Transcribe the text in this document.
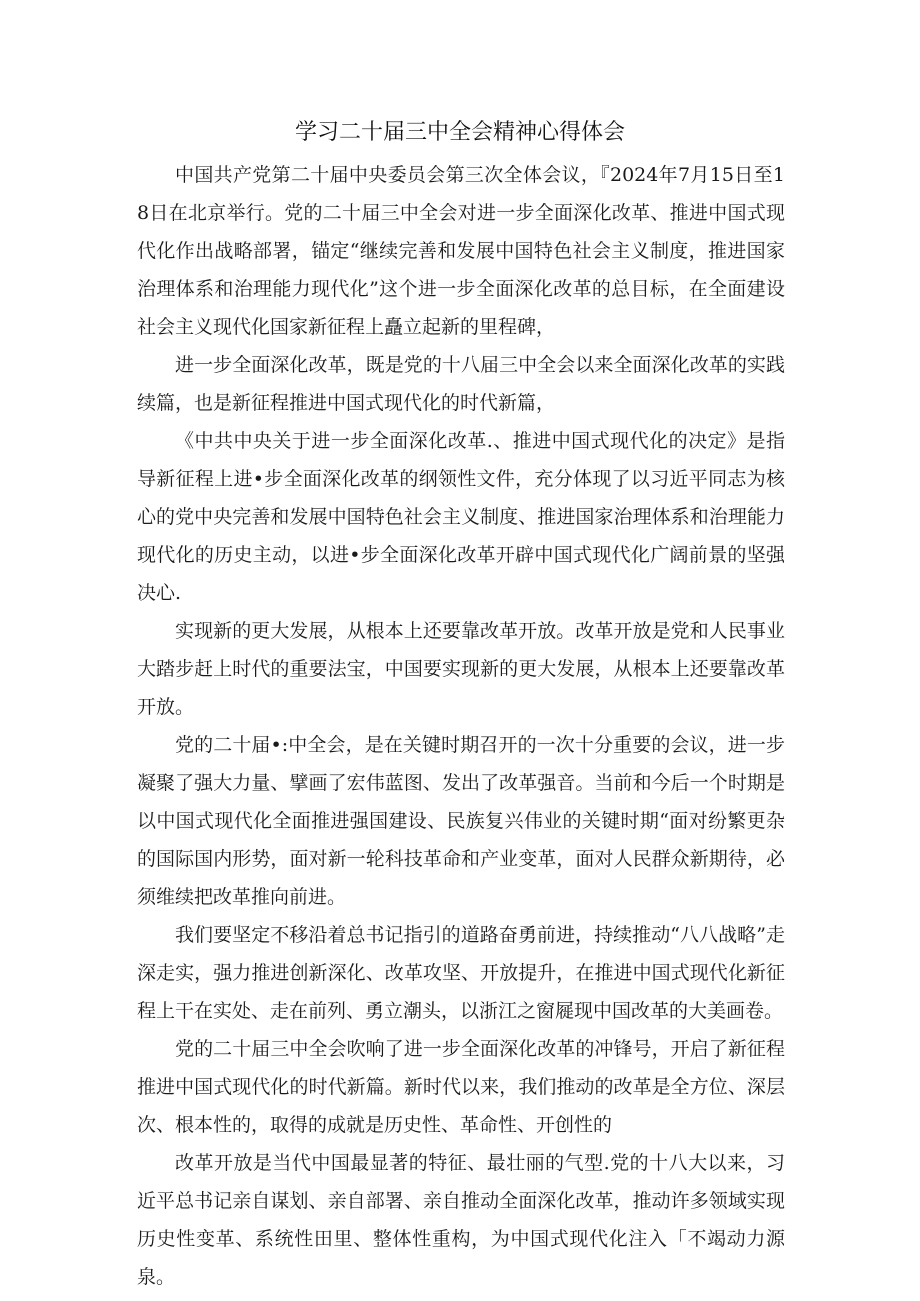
学习二十届三中全会精神心得体会

中国共产党第二十届中央委员会第三次全体会议，『2024年7月15日至18日在北京举行。党的二十届三中全会对进一步全面深化改革、推进中国式现代化作出战略部署，锚定“继续完善和发展中国特色社会主义制度，推进国家治理体系和治理能力现代化”这个进一步全面深化改革的总目标，在全面建设社会主义现代化国家新征程上矗立起新的里程碑，

进一步全面深化改革，既是党的十八届三中全会以来全面深化改革的实践续篇，也是新征程推进中国式现代化的时代新篇，

《中共中央关于进一步全面深化改革.、推进中国式现代化的决定》是指导新征程上进•步全面深化改革的纲领性文件，充分体现了以习近平同志为核心的党中央完善和发展中国特色社会主义制度、推进国家治理体系和治理能力现代化的历史主动，以进•步全面深化改革开辟中国式现代化广阔前景的坚强决心.

实现新的更大发展，从根本上还要靠改革开放。改革开放是党和人民事业大踏步赶上时代的重要法宝，中国要实现新的更大发展，从根本上还要靠改革开放。

党的二十届•:中全会，是在关键时期召开的一次十分重要的会议，进一步凝聚了强大力量、擘画了宏伟蓝图、发出了改革强音。当前和今后一个时期是以中国式现代化全面推进强国建设、民族复兴伟业的关键时期“面对纷繁更杂的国际国内形势，面对新一轮科技革命和产业变革，面对人民群众新期待，必须维续把改革推向前进。

我们要坚定不移沿着总书记指引的道路奋勇前进，持续推动“八八战略”走深走实，强力推进创新深化、改革攻坚、开放提升，在推进中国式现代化新征程上干在实处、走在前列、勇立潮头，以浙江之窗屣现中国改革的大美画卷。

党的二十届三中全会吹响了进一步全面深化改革的冲锋号，开启了新征程推进中国式现代化的时代新篇。新时代以来，我们推动的改革是全方位、深层次、根本性的，取得的成就是历史性、革命性、开创性的

改革开放是当代中国最显著的特征、最壮丽的气型.党的十八大以来，习近平总书记亲自谋划、亲自部署、亲自推动全面深化改革，推动许多领域实现历史性变革、系统性田里、整体性重构，为中国式现代化注入「不竭动力源泉。
